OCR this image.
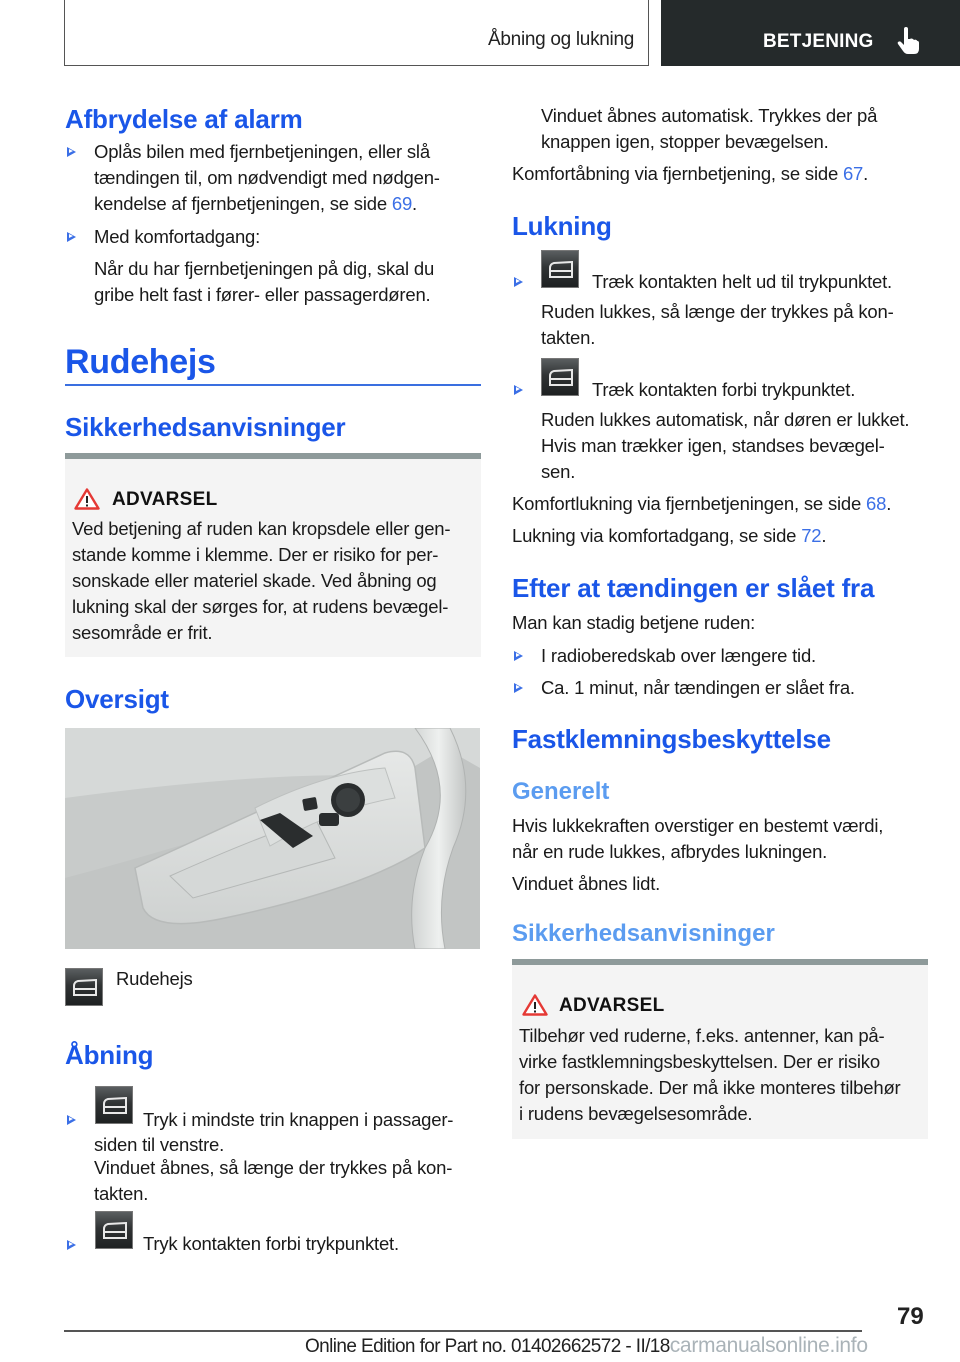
Åbning og lukning	BETJENING
Afbrydelse af alarm
Oplås bilen med fjernbetjeningen, eller slå
tændingen til, om nødvendigt med nødgen-
kendelse af fjernbetjeningen, se side 69.
Med komfortadgang:
Når du har fjernbetjeningen på dig, skal du
gribe helt fast i fører- eller passagerdøren.
Rudehejs
Sikkerhedsanvisninger
ADVARSEL
Ved betjening af ruden kan kropsdele eller gen-
stande komme i klemme. Der er risiko for per-
sonskade eller materiel skade. Ved åbning og
lukning skal der sørges for, at rudens bevægel-
sesområde er frit.
Oversigt
Rudehejs
Åbning
Tryk i mindste trin knappen i passager-
siden til venstre.
Vinduet åbnes, så længe der trykkes på kon-
takten.
Tryk kontakten forbi trykpunktet.
Vinduet åbnes automatisk. Trykkes der på
knappen igen, stopper bevægelsen.
Komfortåbning via fjernbetjening, se side 67.
Lukning
Træk kontakten helt ud til trykpunktet.
Ruden lukkes, så længe der trykkes på kon-
takten.
Træk kontakten forbi trykpunktet.
Ruden lukkes automatisk, når døren er lukket.
Hvis man trækker igen, standses bevægel-
sen.
Komfortlukning via fjernbetjeningen, se side 68.
Lukning via komfortadgang, se side 72.
Efter at tændingen er slået fra
Man kan stadig betjene ruden:
I radioberedskab over længere tid.
Ca. 1 minut, når tændingen er slået fra.
Fastklemningsbeskyttelse
Generelt
Hvis lukkekraften overstiger en bestemt værdi,
når en rude lukkes, afbrydes lukningen.
Vinduet åbnes lidt.
Sikkerhedsanvisninger
ADVARSEL
Tilbehør ved ruderne, f.eks. antenner, kan på-
virke fastklemningsbeskyttelsen. Der er risiko
for personskade. Der må ikke monteres tilbehør
i rudens bevægelsesområde.
79
Online Edition for Part no. 01402662572 - II/18carmanualsonline.info
